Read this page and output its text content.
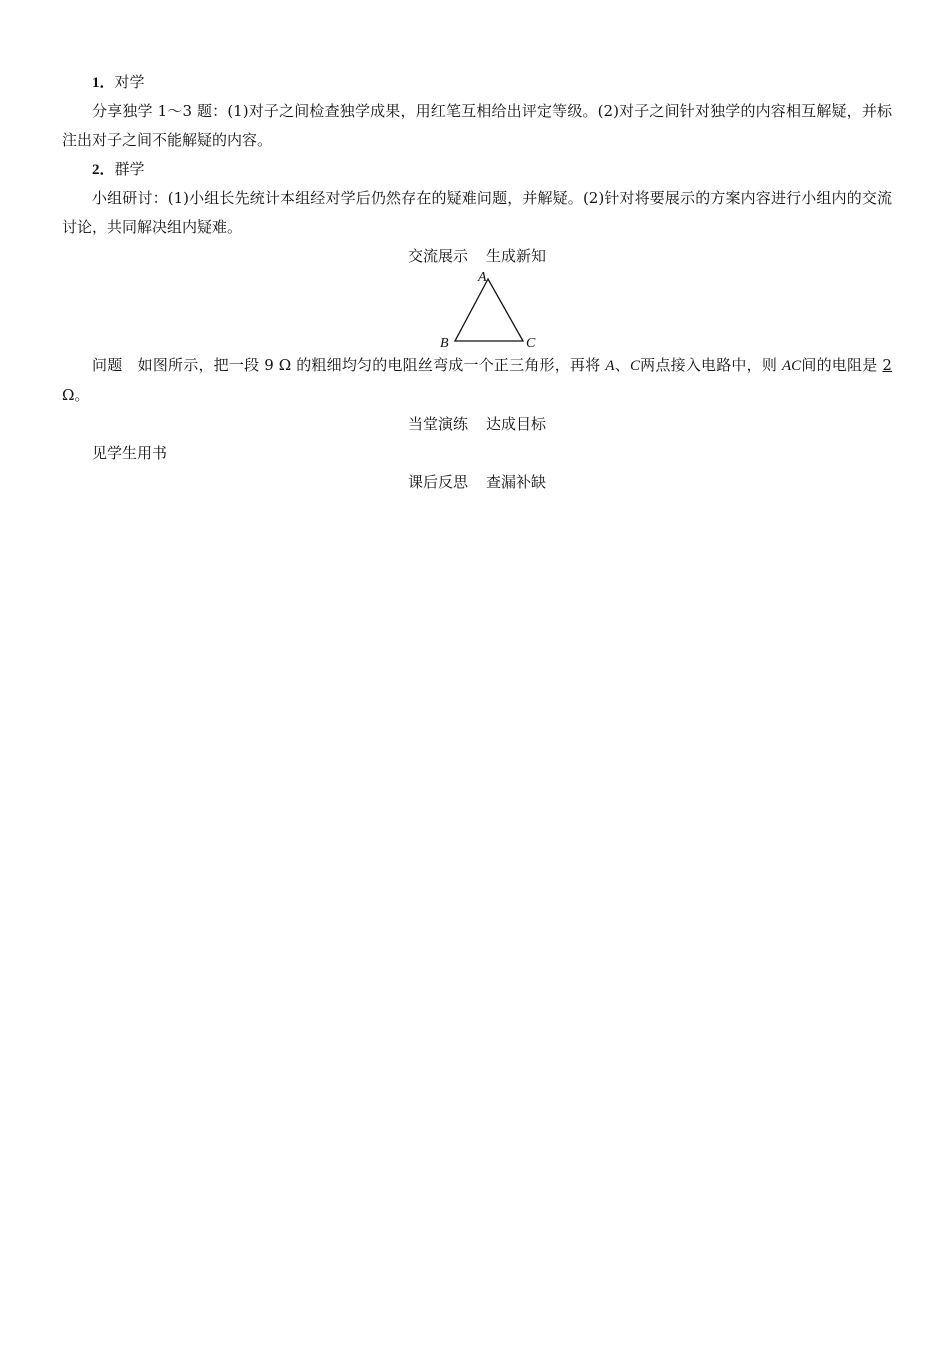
1．对学

分享独学 1～3 题：(1)对子之间检查独学成果，用红笔互相给出评定等级。(2)对子之间针对独学的内容相互解疑，并标注出对子之间不能解疑的内容。

2．群学

小组研讨：(1)小组长先统计本组经对学后仍然存在的疑难问题，并解疑。(2)针对将要展示的方案内容进行小组内的交流讨论，共同解决组内疑难。

交流展示 生成新知
A
B	C

问题　 如图所示，把一段 9 Ω 的粗细均匀的电阻丝弯成一个正三角形，再将 A、C两点接入电路中，则 AC间的电阻是 2 Ω。

当堂演练 达成目标
见学生用书
课后反思 查漏补缺
